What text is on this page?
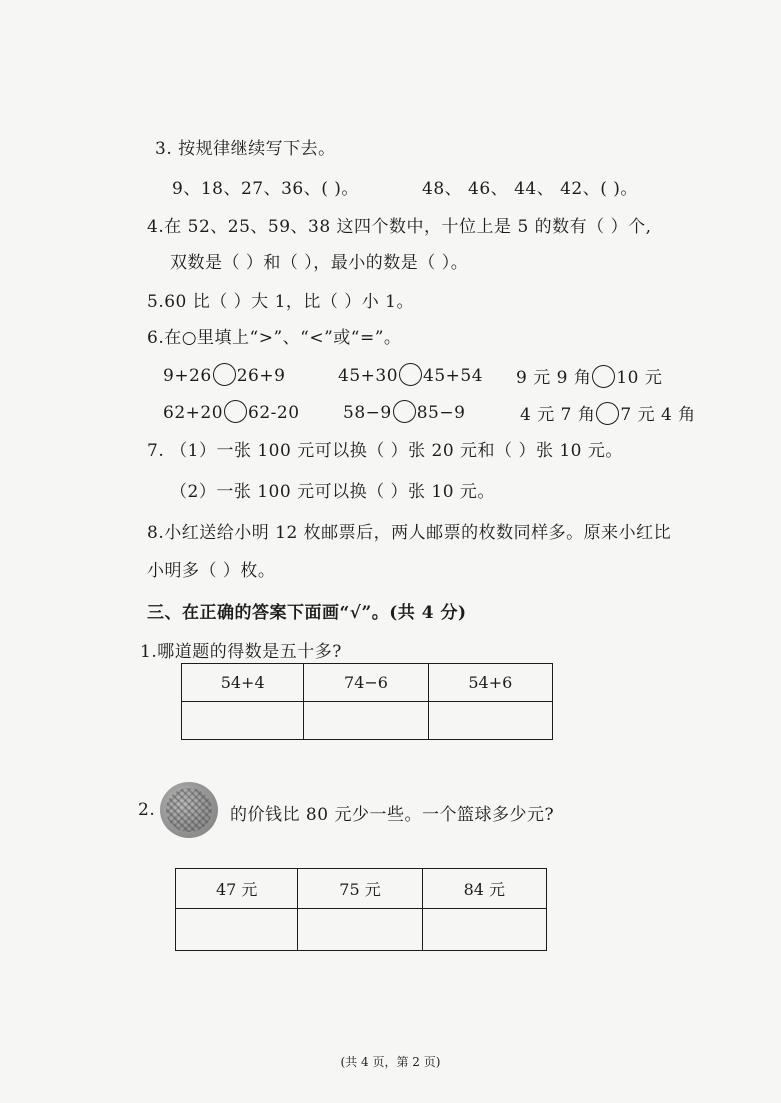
3. 按规律继续写下去。
9、18、27、36、( )。	48、 46、 44、 42、( )。
4.在 52、25、59、38 这四个数中，十位上是 5 的数有（ ）个,
双数是（ ）和（ ），最小的数是（ ）。
5.60 比（ ）大 1，比（ ）小 1。
6.在○里填上“>”、“<”或“=”。
9+26 26+9	45+30 45+54 9 元 9 角 10 元
62+20 62-20	58−9 85−9	4 元 7 角 7 元 4 角
7. （1）一张 100 元可以换（ ）张 20 元和（ ）张 10 元。
（2）一张 100 元可以换（ ）张 10 元。
8.小红送给小明 12 枚邮票后，两人邮票的枚数同样多。原来小红比
小明多（ ）枚。
三、在正确的答案下面画“√”。(共 4 分)
1.哪道题的得数是五十多?
54+4	74−6	54+6

2.	的价钱比 80 元少一些。一个篮球多少元?
47 元	75 元	84 元

(共 4 页，第 2 页)
